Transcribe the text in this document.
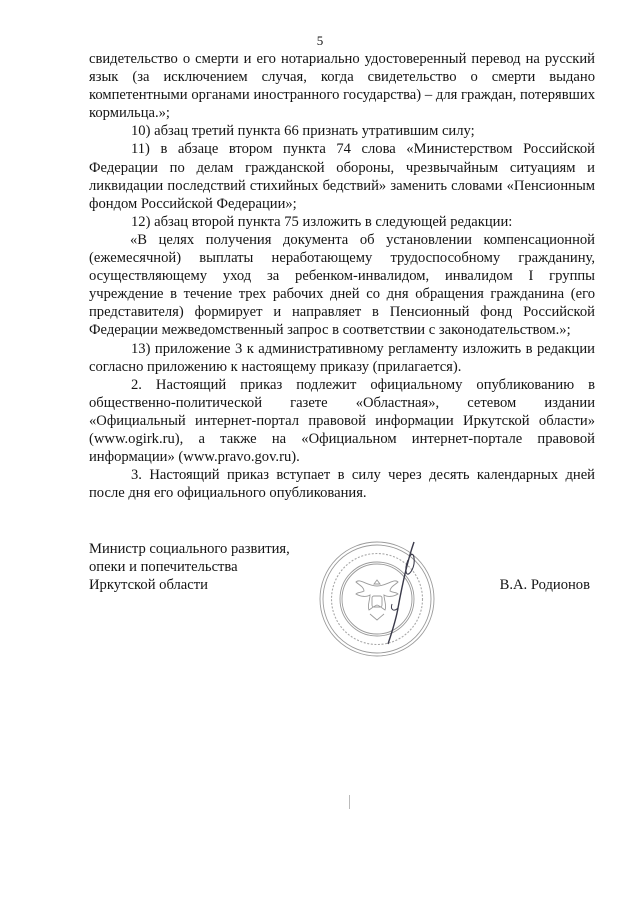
5

свидетельство о смерти и его нотариально удостоверенный перевод на русский язык (за исключением случая, когда свидетельство о смерти выдано компетентными органами иностранного государства) – для граждан, потерявших кормильца.»;

10) абзац третий пункта 66 признать утратившим силу;

11) в абзаце втором пункта 74 слова «Министерством Российской Федерации по делам гражданской обороны, чрезвычайным ситуациям и ликвидации последствий стихийных бедствий» заменить словами «Пенсионным фондом Российской Федерации»;

12) абзац второй пункта 75 изложить в следующей редакции:

«В целях получения документа об установлении компенсационной (ежемесячной) выплаты неработающему трудоспособному гражданину, осуществляющему уход за ребенком-инвалидом, инвалидом I группы учреждение в течение трех рабочих дней со дня обращения гражданина (его представителя) формирует и направляет в Пенсионный фонд Российской Федерации межведомственный запрос в соответствии с законодательством.»;

13) приложение 3 к административному регламенту изложить в редакции согласно приложению к настоящему приказу (прилагается).

2. Настоящий приказ подлежит официальному опубликованию в общественно-политической газете «Областная», сетевом издании «Официальный интернет-портал правовой информации Иркутской области» (www.ogirk.ru), а также на «Официальном интернет-портале правовой информации» (www.pravo.gov.ru).

3. Настоящий приказ вступает в силу через десять календарных дней после дня его официального опубликования.

Министр социального развития,
опеки и попечительства
Иркутской области	В.А. Родионов
